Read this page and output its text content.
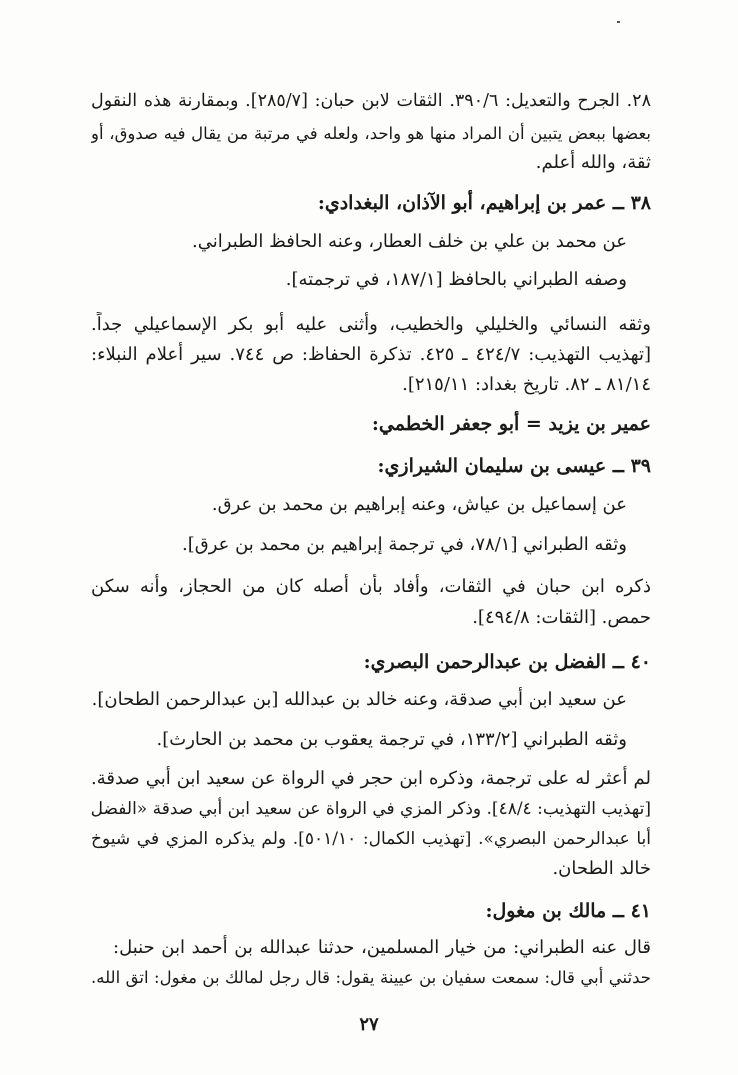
٢٨. الجرح والتعديل: ٣٩٠/٦. الثقات لابن حبان: [٢٨٥/٧]. وبمقارنة هذه النقول
بعضها ببعض يتبين أن المراد منها هو واحد، ولعله في مرتبة من يقال فيه صدوق، أو
ثقة، والله أعلم.
٣٨ ــ عمر بن إبراهيم، أبو الآذان، البغدادي:
عن محمد بن علي بن خلف العطار، وعنه الحافظ الطبراني.
وصفه الطبراني بالحافظ [١٨٧/١، في ترجمته].
وثقه النسائي والخليلي والخطيب، وأثنى عليه أبو بكر الإسماعيلي جداً.
[تهذيب التهذيب: ٤٢٤/٧ ـ ٤٢٥. تذكرة الحفاظ: ص ٧٤٤. سير أعلام النبلاء:
٨١/١٤ ـ ٨٢. تاريخ بغداد: ٢١٥/١١].
عمير بن يزيد = أبو جعفر الخطمي:
٣٩ ــ عيسى بن سليمان الشيرازي:
عن إسماعيل بن عياش، وعنه إبراهيم بن محمد بن عرق.
وثقه الطبراني [٧٨/١، في ترجمة إبراهيم بن محمد بن عرق].
ذكره ابن حبان في الثقات، وأفاد بأن أصله كان من الحجاز، وأنه سكن
حمص. [الثقات: ٤٩٤/٨].
٤٠ ــ الفضل بن عبدالرحمن البصري:
عن سعيد ابن أبي صدقة، وعنه خالد بن عبدالله [بن عبدالرحمن الطحان].
وثقه الطبراني [١٣٣/٢، في ترجمة يعقوب بن محمد بن الحارث].
لم أعثر له على ترجمة، وذكره ابن حجر في الرواة عن سعيد ابن أبي صدقة.
[تهذيب التهذيب: ٤٨/٤]. وذكر المزي في الرواة عن سعيد ابن أبي صدقة «الفضل
أبا عبدالرحمن البصري». [تهذيب الكمال: ٥٠١/١٠]. ولم يذكره المزي في شيوخ
خالد الطحان.
٤١ ــ مالك بن مغول:
قال عنه الطبراني: من خيار المسلمين، حدثنا عبدالله بن أحمد ابن حنبل:
حدثني أبي قال: سمعت سفيان بن عيينة يقول: قال رجل لمالك بن مغول: اتق الله.
٢٧
